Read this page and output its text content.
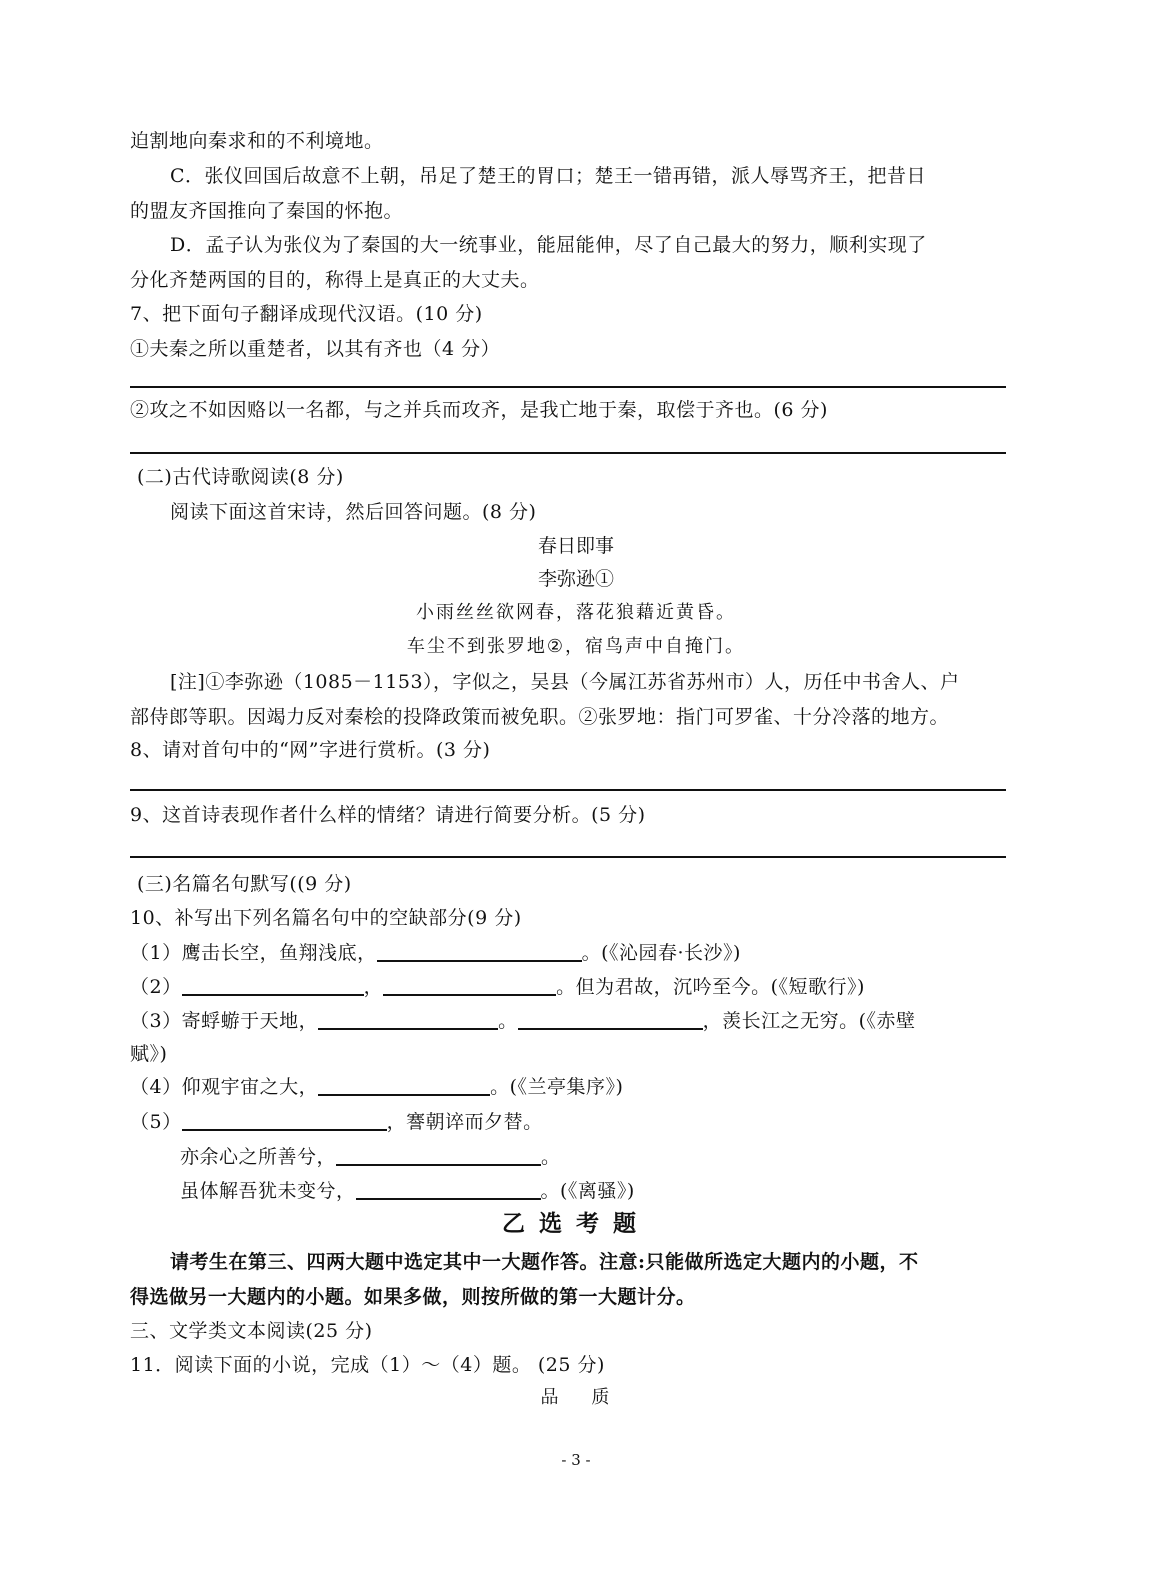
迫割地向秦求和的不利境地。
C．张仪回国后故意不上朝，吊足了楚王的胃口；楚王一错再错，派人辱骂齐王，把昔日
的盟友齐国推向了秦国的怀抱。
D．孟子认为张仪为了秦国的大一统事业，能屈能伸，尽了自己最大的努力，顺利实现了
分化齐楚两国的目的，称得上是真正的大丈夫。
7、把下面句子翻译成现代汉语。(10 分)
①夫秦之所以重楚者，以其有齐也（4 分）
②攻之不如因赂以一名都，与之并兵而攻齐，是我亡地于秦，取偿于齐也。(6 分)
(二)古代诗歌阅读(8 分)
阅读下面这首宋诗，然后回答问题。(8 分)
春日即事
李弥逊①
小雨丝丝欲网春，落花狼藉近黄昏。
车尘不到张罗地②，宿鸟声中自掩门。
[注]①李弥逊（1085－1153），字似之，吴县（今属江苏省苏州市）人，历任中书舍人、户
部侍郎等职。因竭力反对秦桧的投降政策而被免职。②张罗地：指门可罗雀、十分冷落的地方。
8、请对首句中的“网”字进行赏析。(3 分)
9、这首诗表现作者什么样的情绪？请进行简要分析。(5 分)
(三)名篇名句默写((9 分)
10、补写出下列名篇名句中的空缺部分(9 分)
（1）鹰击长空，鱼翔浅底，	。(《沁园春·长沙》)
（2）	，	。但为君故，沉吟至今。(《短歌行》)
（3）寄蜉蝣于天地，	。	，羡长江之无穷。(《赤壁
赋》)
（4）仰观宇宙之大，	。(《兰亭集序》)
（5）	，謇朝谇而夕替。
亦余心之所善兮，	。
虽体解吾犹未变兮，	。(《离骚》)
乙选考题
请考生在第三、四两大题中选定其中一大题作答。注意:只能做所选定大题内的小题，不
得选做另一大题内的小题。如果多做，则按所做的第一大题计分。
三、文学类文本阅读(25 分)
11．阅读下面的小说，完成（1）～（4）题。 (25 分)
品    质
- 3 -
